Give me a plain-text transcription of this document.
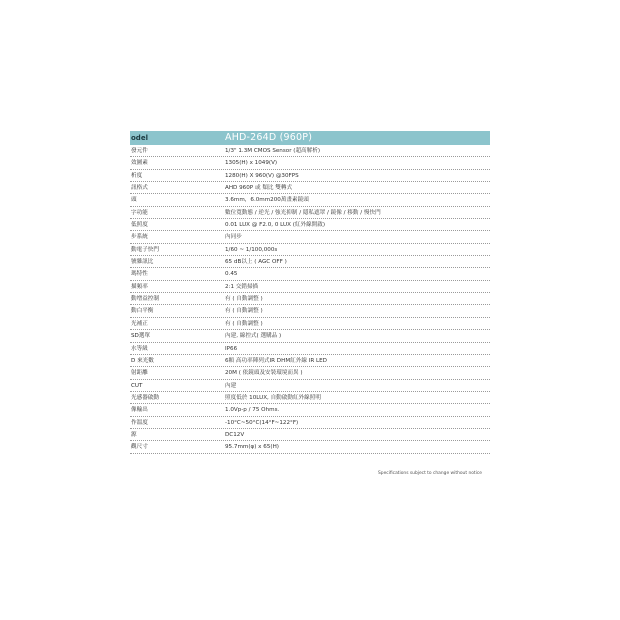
odel	AHD-264D (960P)
發元件	1/3" 1.3M CMOS Sensor (超高解析)
效圖素	1305(H) x 1049(V)
析度	1280(H) X 960(V) @30FPS
訊格式	AHD 960P 或 類比 雙轉式
頭	3.6mm，6.0mm200萬畫素鏡頭
字功能	數位寬動態 / 逆光 / 強光抑制 / 隱私遮罩 / 鏡像 / 移動 / 慢快門
低照度	0.01 LUX @ F2.0, 0 LUX (紅外線開啟)
步系統	內同步
動電子快門	1/60 ~ 1/100,000s
號雜訊比	65 dB以上 ( AGC OFF )
瑪特性	0.45
描頻率	2:1 交錯掃描
動增益控制	有 ( 自動調整 )
動白平衡	有 ( 自動調整 )
光補正	有 ( 自動調整 )
SD選單	內建, 線控式( 選購品 )
水等級	IP66
D 來光數	6顆 高功率陣列式IR DHM紅外線 IR LED
射距離	20M ( 依鏡頭及安裝環境而異 )
CUT	內建
光感器啟動	照度低於 10LUX, 自動啟動紅外線照明
像輸出	1.0Vp-p / 75 Ohms.
作溫度	-10°C~50°C(14°F~122°F)
源	DC12V
觀尺寸	95.7mm(φ) x 65(H)
Specifications subject to change without notice
